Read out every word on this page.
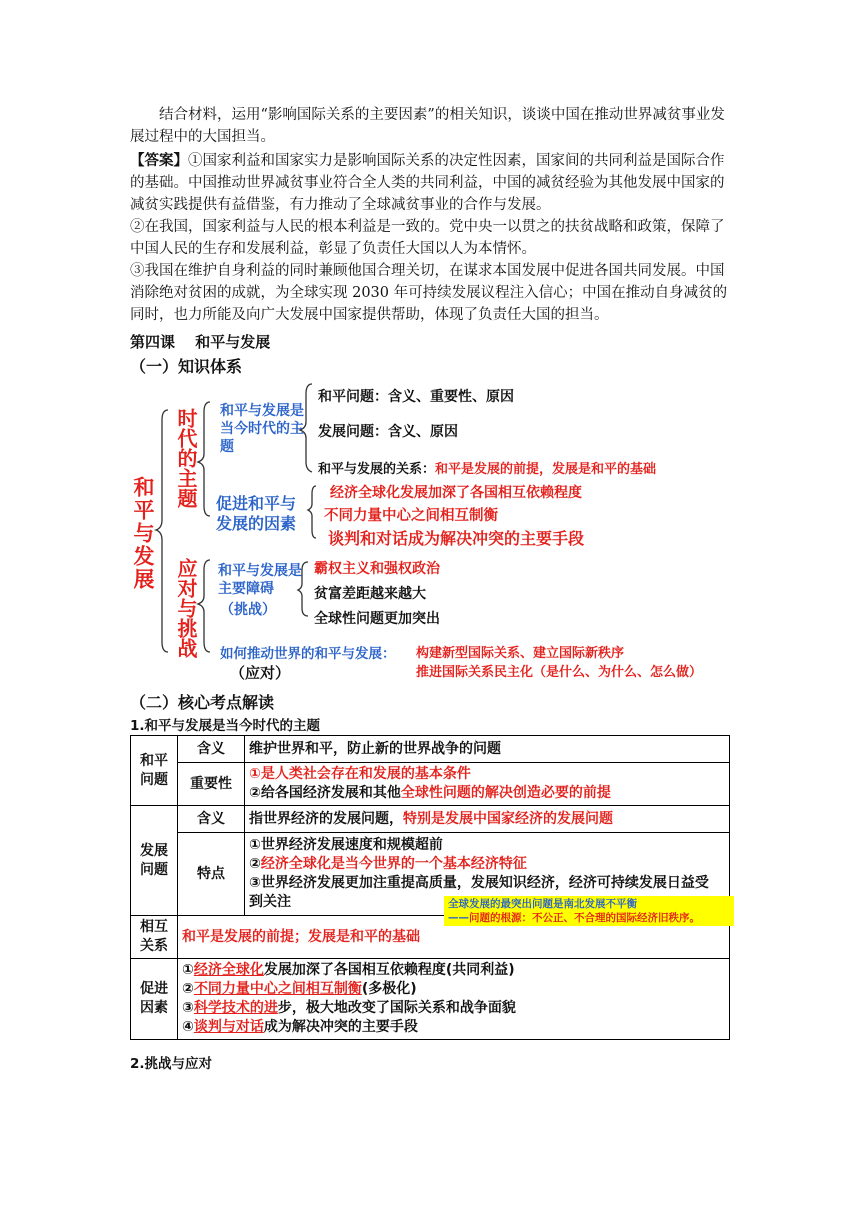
结合材料，运用“影响国际关系的主要因素”的相关知识，谈谈中国在推动世界减贫事业发展过程中的大国担当。

【答案】①国家利益和国家实力是影响国际关系的决定性因素，国家间的共同利益是国际合作的基础。中国推动世界减贫事业符合全人类的共同利益，中国的减贫经验为其他发展中国家的减贫实践提供有益借鉴，有力推动了全球减贫事业的合作与发展。

②在我国，国家利益与人民的根本利益是一致的。党中央一以贯之的扶贫战略和政策，保障了中国人民的生存和发展利益，彰显了负责任大国以人为本情怀。

③我国在维护自身利益的同时兼顾他国合理关切，在谋求本国发展中促进各国共同发展。中国消除绝对贫困的成就，为全球实现 2030 年可持续发展议程注入信心；中国在推动自身减贫的同时，也力所能及向广大发展中国家提供帮助，体现了负责任大国的担当。

第四课　 和平与发展
（一）知识体系
和平与发展
时代的主题
应对与挑战
和平与发展是当今时代的主题
和平问题：含义、重要性、原因
发展问题：含义、原因
和平与发展的关系：和平是发展的前提，发展是和平的基础
促进和平与发展的因素
经济全球化发展加深了各国相互依赖程度
不同力量中心之间相互制衡
谈判和对话成为解决冲突的主要手段
和平与发展是主要障碍
（挑战）
霸权主义和强权政治
贫富差距越来越大
全球性问题更加突出
如何推动世界的和平与发展：
（应对）
构建新型国际关系、建立国际新秩序
推进国际关系民主化（是什么、为什么、怎么做）
（二）核心考点解读
1.和平与发展是当今时代的主题
和平问题	含义	维护世界和平，防止新的世界战争的问题
	重要性	①是人类社会存在和发展的基本条件
②给各国经济发展和其他全球性问题的解决创造必要的前提

发展问题	含义	指世界经济的发展问题，特别是发展中国家经济的发展问题
	特点	①世界经济发展速度和规模超前
②经济全球化是当今世界的一个基本经济特征
③世界经济发展更加注重提高质量，发展知识经济，经济可持续发展日益受到关注

相互关系	和平是发展的前提；发展是和平的基础	
促进因素	①经济全球化发展加深了各国相互依赖程度(共同利益)
②不同力量中心之间相互制衡(多极化)
③科学技术的进步，极大地改变了国际关系和战争面貌
④谈判与对话成为解决冲突的主要手段	
全球发展的最突出问题是南北发展不平衡
——问题的根源：不公正、不合理的国际经济旧秩序。
2.挑战与应对
